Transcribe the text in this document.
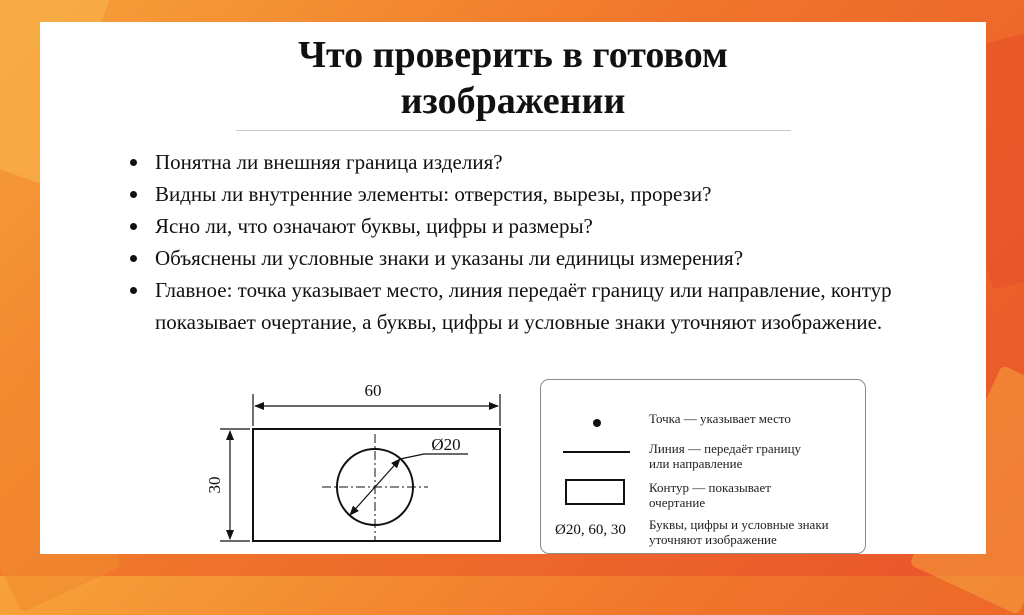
Что проверить в готовом
изображении
Понятна ли внешняя граница изделия?
Видны ли внутренние элементы: отверстия, вырезы, прорези?
Ясно ли, что означают буквы, цифры и размеры?
Объяснены ли условные знаки и указаны ли единицы измерения?
Главное: точка указывает место, линия передаёт границу или направление, контур показывает очертание, а буквы, цифры и условные знаки уточняют изображение.
60
30
Ø20
Точка — указывает место
Линия — передаёт границу
или направление
Контур — показывает
очертание
Ø20, 60, 30 Буквы, цифры и условные знаки
уточняют изображение
